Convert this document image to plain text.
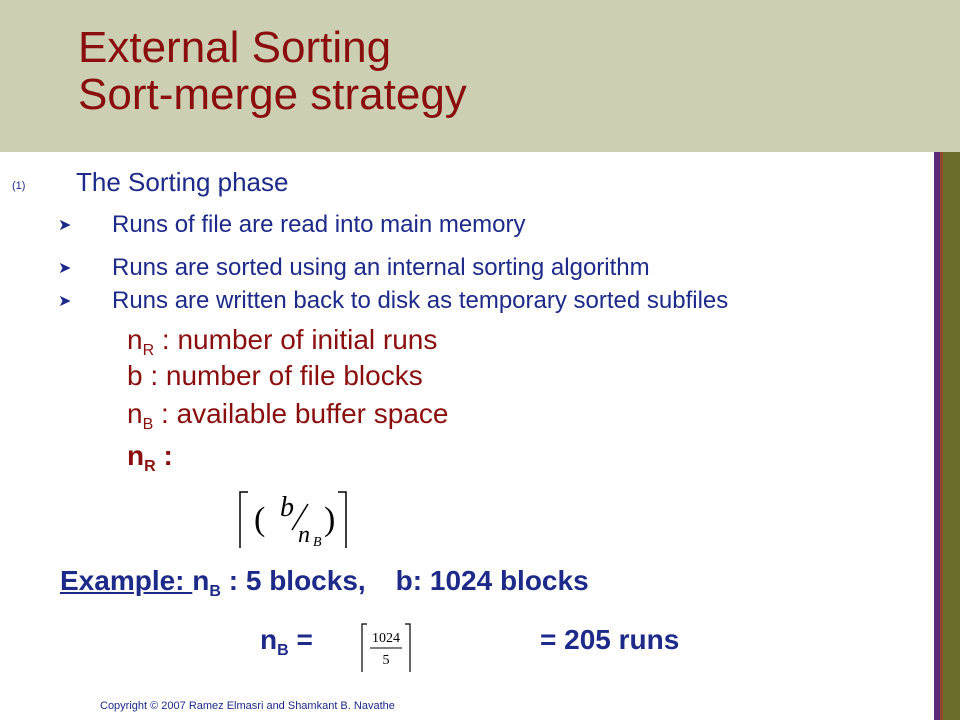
External Sorting
Sort-merge strategy
(1) The Sorting phase
➤ Runs of file are read into main memory
➤ Runs are sorted using an internal sorting algorithm
➤ Runs are written back to disk as temporary sorted subfiles
$n_R$ : number of initial runs
b : number of file blocks
$n_B$ : available buffer space
$n_R$ :
( b
n B
)
Example: $n_B$ : 5 blocks, b: 1024 blocks
$n_B$ =	1024
5
= 205 runs
Copyright © 2007 Ramez Elmasri and Shamkant B. Navathe
